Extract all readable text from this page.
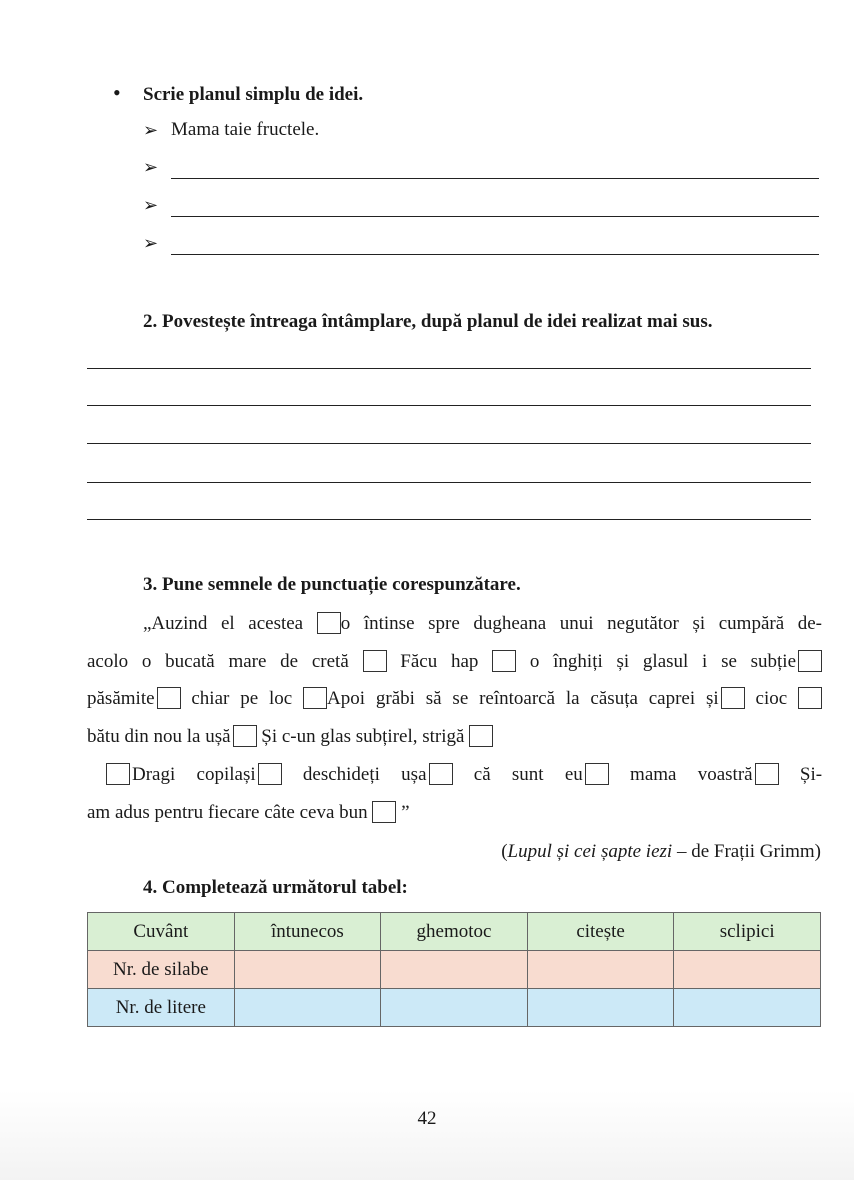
• Scrie planul simplu de idei.
➢ Mama taie fructele.
➢
➢
➢
2. Povestește întreaga întâmplare, după planul de idei realizat mai sus.
3. Pune semnele de punctuație corespunzătare.
„Auzind el acestea o întinse spre dugheana unui negutător și cumpără de-
acolo o bucată mare de cretă	Făcu hap	o înghiți și glasul i se subție
păsămite chiar pe loc Apoi grăbi să se reîntoarcă la căsuța caprei și cioc
bătu din nou la ușă Și c-un glas subțirel, strigă
Dragi copilași deschideți ușa că sunt eu mama voastră Și-
am adus pentru fiecare câte ceva bun ”
(Lupul și cei șapte iezi – de Frații Grimm)
4. Completează următorul tabel:
Cuvânt	întunecos	ghemotoc	citește	sclipici
Nr. de silabe				
Nr. de litere				
42
